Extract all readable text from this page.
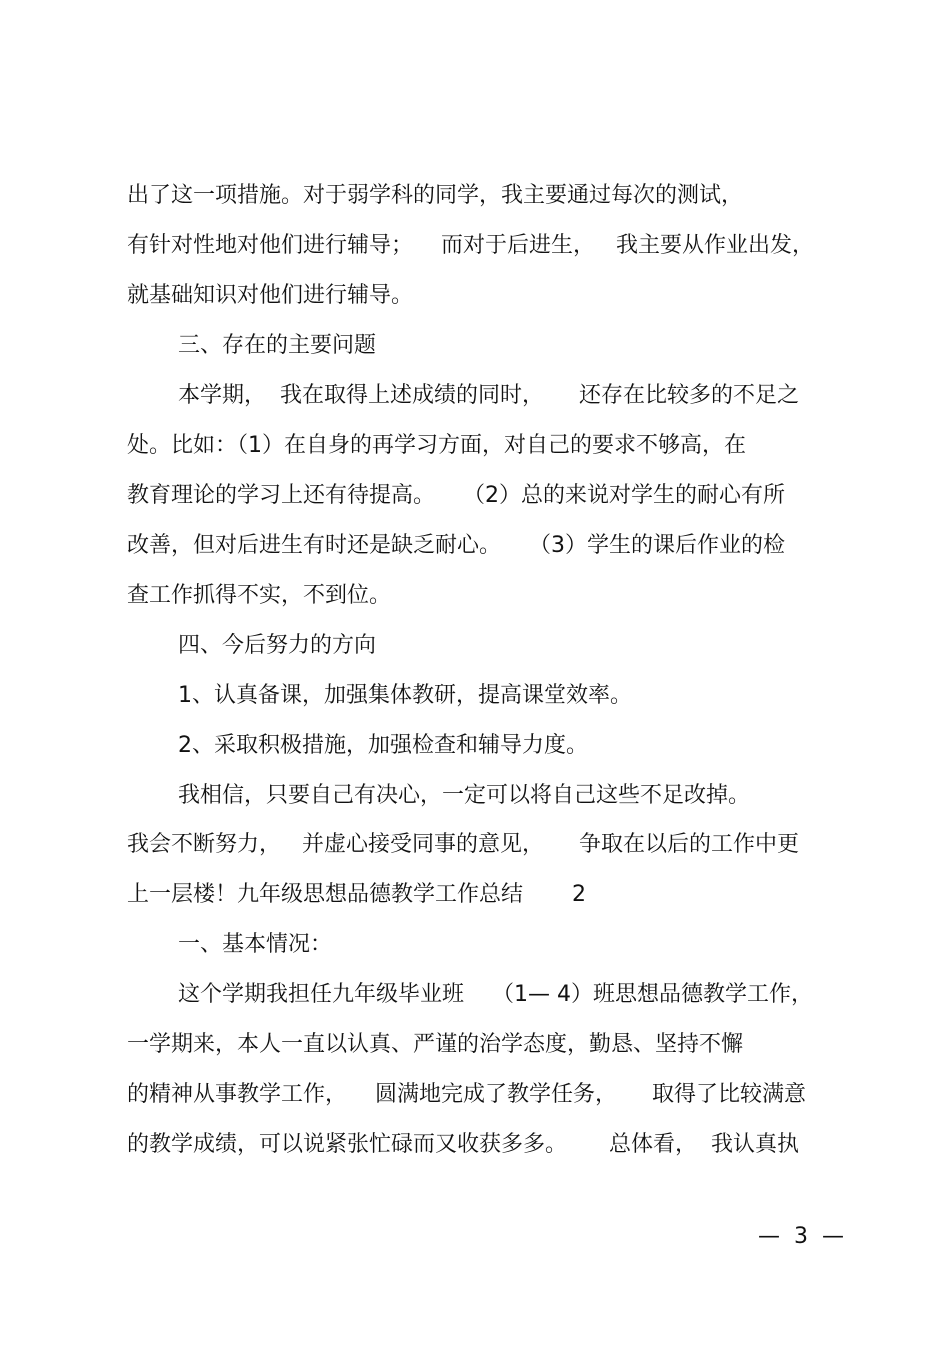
出了这一项措施。对于弱学科的同学，我主要通过每次的测试，
有针对性地对他们进行辅导；    而对于后进生，   我主要从作业出发，
就基础知识对他们进行辅导。
三、存在的主要问题
本学期，  我在取得上述成绩的同时，     还存在比较多的不足之
处。比如：（1）在自身的再学习方面，对自己的要求不够高，在
教育理论的学习上还有待提高。    （2）总的来说对学生的耐心有所
改善，但对后进生有时还是缺乏耐心。    （3）学生的课后作业的检
查工作抓得不实，不到位。
四、今后努力的方向
1、认真备课，加强集体教研，提高课堂效率。
2、采取积极措施，加强检查和辅导力度。
我相信，只要自己有决心，一定可以将自己这些不足改掉。
我会不断努力，   并虚心接受同事的意见，     争取在以后的工作中更
上一层楼！九年级思想品德教学工作总结       2
一、基本情况：
这个学期我担任九年级毕业班    （1— 4）班思想品德教学工作，
一学期来，本人一直以认真、严谨的治学态度，勤恳、坚持不懈
的精神从事教学工作，    圆满地完成了教学任务，     取得了比较满意
的教学成绩，可以说紧张忙碌而又收获多多。      总体看，  我认真执
—  3  —
